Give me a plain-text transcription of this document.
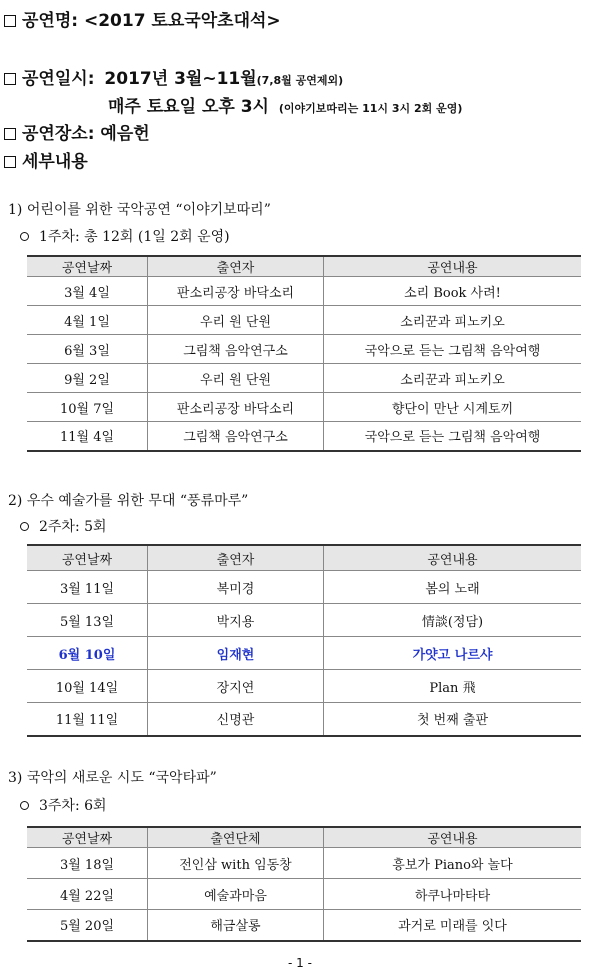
공연명: <2017 토요국악초대석>
공연일시: 2017년 3월~11월(7,8월 공연제외)
매주 토요일 오후 3시 (이야기보따리는 11시 3시 2회 운영)
공연장소: 예음헌
세부내용
1) 어린이를 위한 국악공연 “이야기보따리”
1주차: 총 12회 (1일 2회 운영)
공연날짜	출연자	공연내용
3월 4일	판소리공장 바닥소리	소리 Book 사려!
4월 1일	우리 원 단원	소리꾼과 피노키오
6월 3일	그림책 음악연구소	국악으로 듣는 그림책 음악여행
9월 2일	우리 원 단원	소리꾼과 피노키오
10월 7일	판소리공장 바닥소리	향단이 만난 시계토끼
11월 4일	그림책 음악연구소	국악으로 듣는 그림책 음악여행
2) 우수 예술가를 위한 무대 “풍류마루”
2주차: 5회
공연날짜	출연자	공연내용
3월 11일	복미경	봄의 노래
5월 13일	박지용	情談(정담)
6월 10일	임재현	가얏고 나르샤
10월 14일	장지연	Plan 飛
11월 11일	신명관	첫 번째 출판
3) 국악의 새로운 시도 “국악타파”
3주차: 6회
공연날짜	출연단체	공연내용
3월 18일	전인삼 with 임동창	흥보가 Piano와 놀다
4월 22일	예술과마음	하쿠나마타타
5월 20일	해금살롱	과거로 미래를 잇다
- 1 -
